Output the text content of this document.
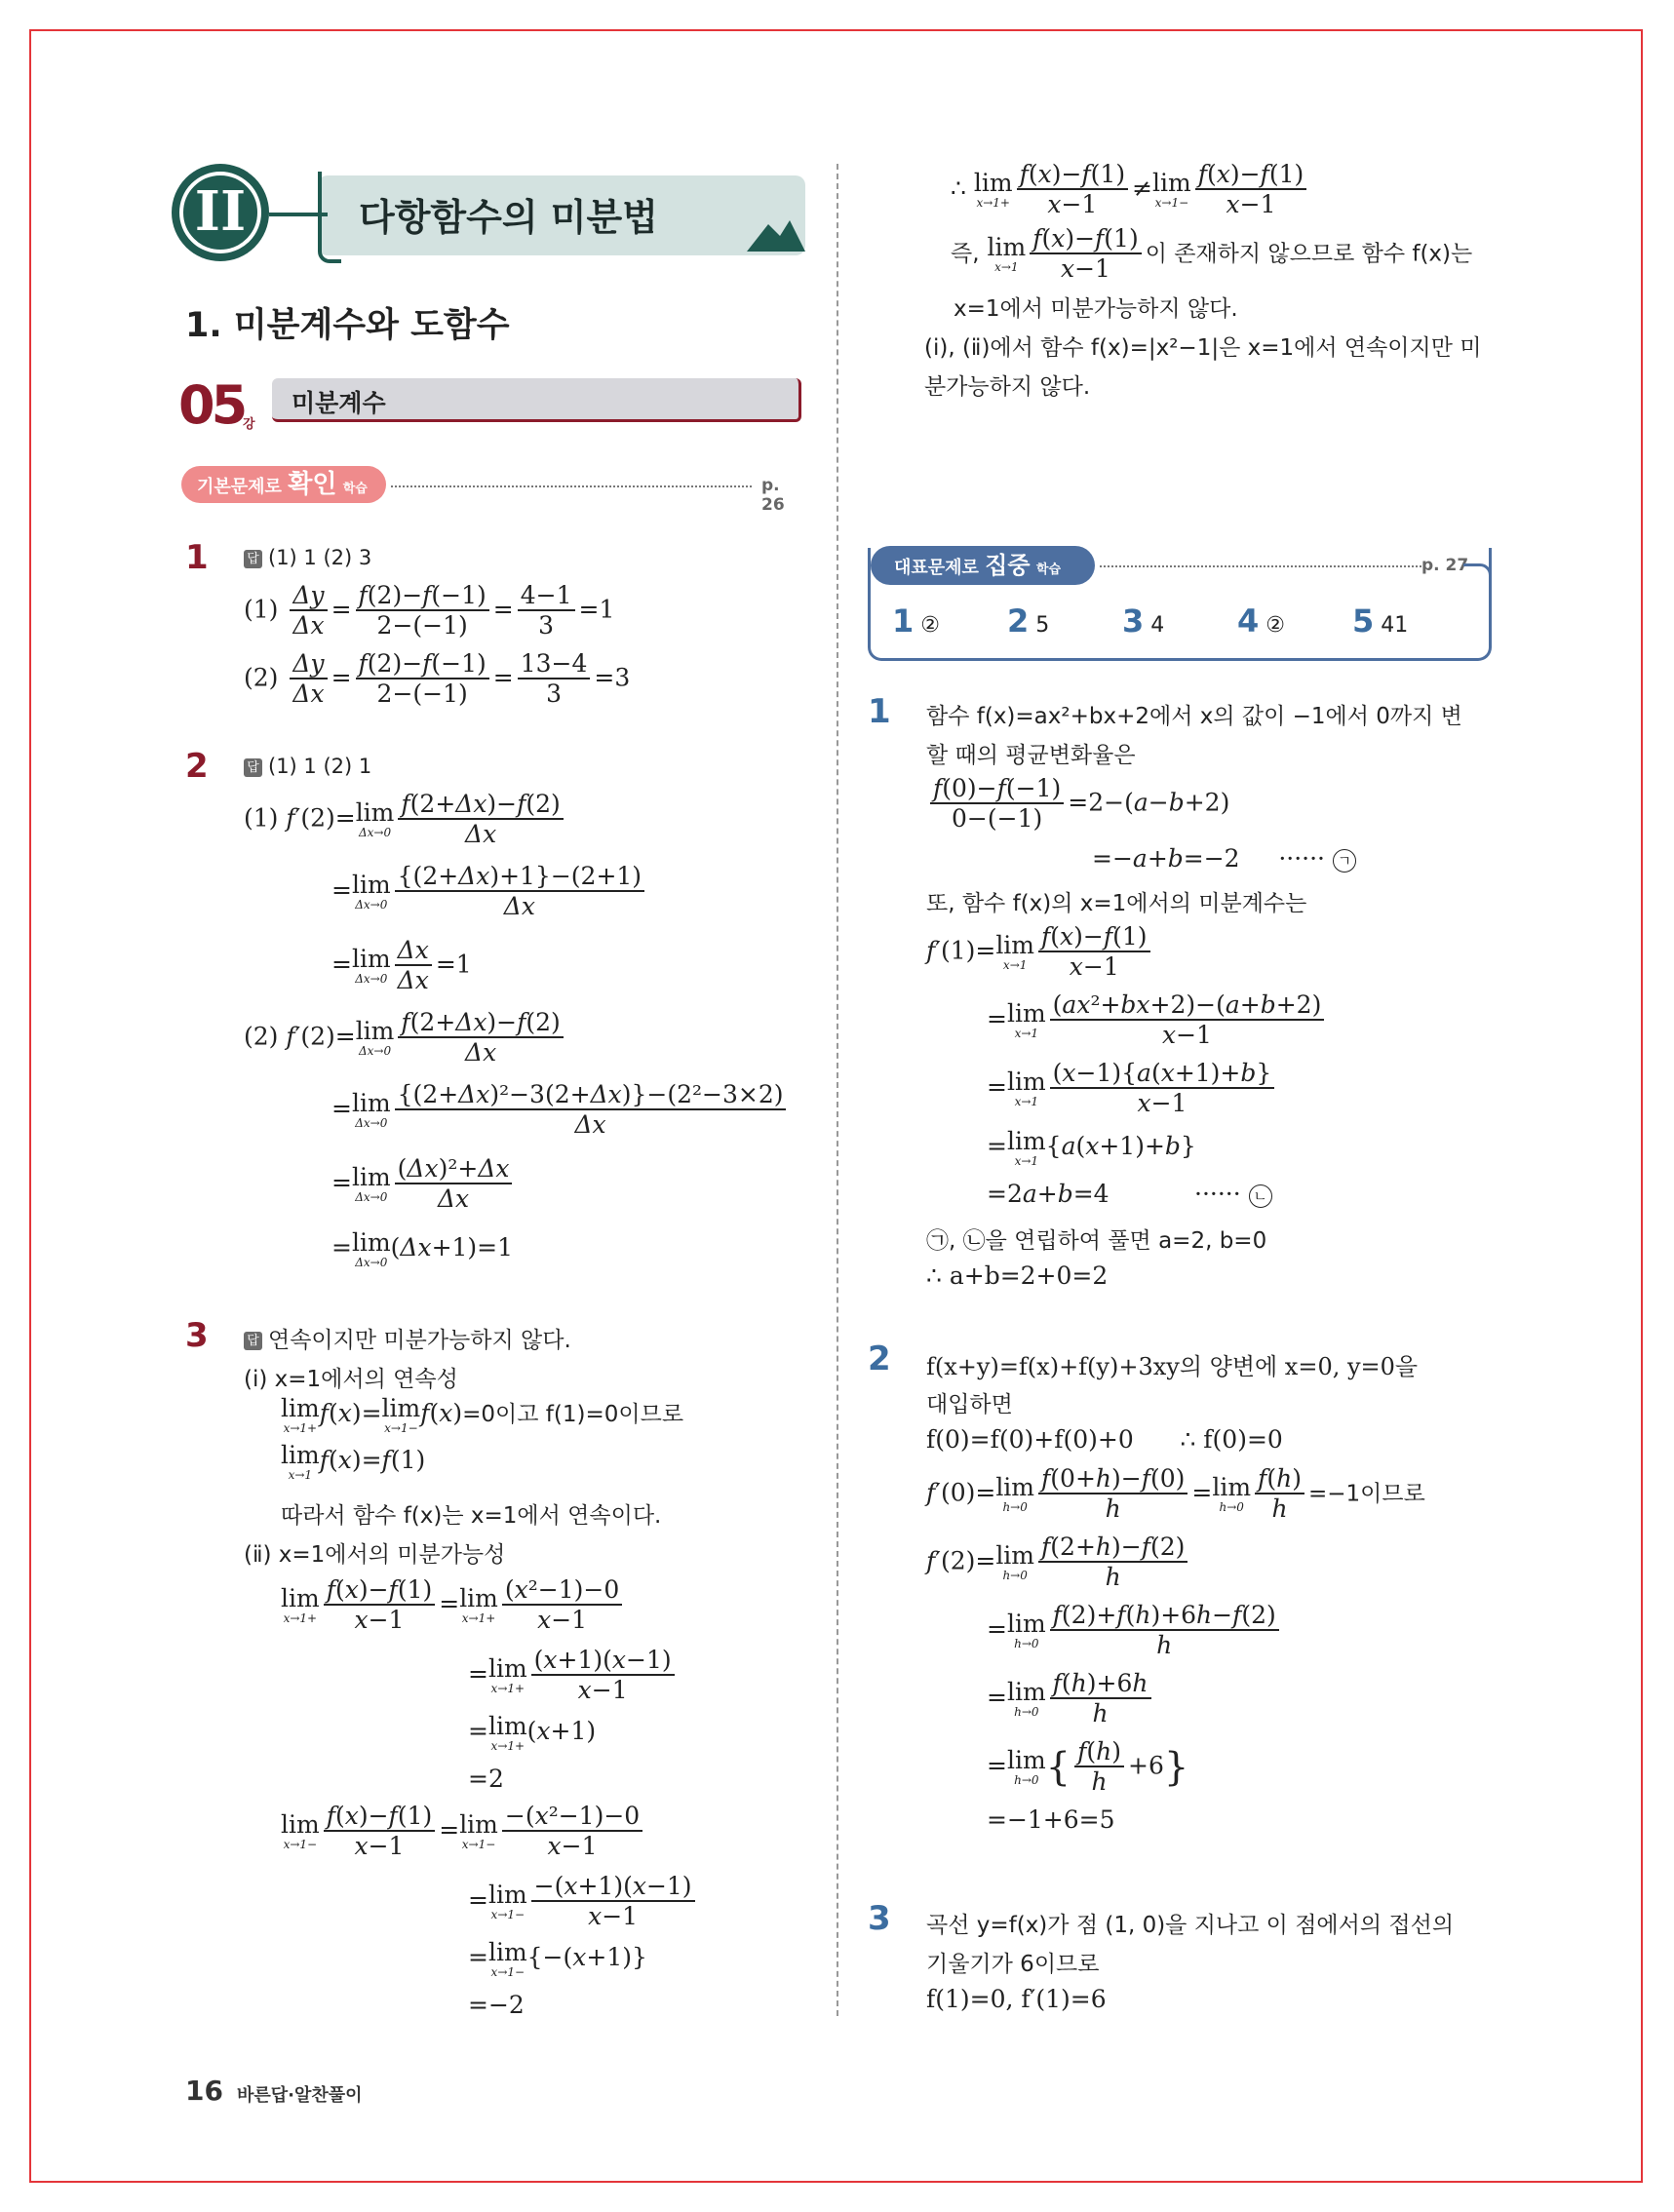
II	다항함수의 미분법
1. 미분계수와 도함수
05
강
미분계수
기본문제로 확인 학습	p. 26
1	답 (1) 1 (2) 3
$(1) \frac{\Delta y}{\Delta x} = \frac{f(2)-f(-1)}{2-(-1)} = \frac{4-1}{3} =1$
$(2) \frac{\Delta y}{\Delta x} = \frac{f(2)-f(-1)}{2-(-1)} = \frac{13-4}{3} =3$
2	답 (1) 1 (2) 1
(1) f′(2)=lim
$\Delta x\to 0 \frac{f(2+\Delta x)-f(2)}{\Delta x}$
=lim
$\Delta x\to 0 \frac{\{(2+\Delta x)+1\}-(2+1)}{\Delta x}$
=lim
$\Delta x\to 0 \frac{\Delta x}{\Delta x} =1$
(2) f′(2)=lim
$\Delta x\to 0 \frac{f(2+\Delta x)-f(2)}{\Delta x}$
=lim
$\Delta x\to 0 \frac{\text{\{(2+Δx)²−3(2+Δx)\}−(2²−3×2)}}{\Delta x}$
=lim
$\Delta x\to 0 \frac{\text{(Δx)²+Δx}}{\Delta x}$
=lim
Δx→0
(Δx+1)=1
3	답 연속이지만 미분가능하지 않다.
(ⅰ) x=1에서의 연속성
lim
x→1+
f(x)=lim
x→1−
f(x)=0이고 f(1)=0이므로
lim
x→1
f(x)=f(1)
따라서 함수 f(x)는 x=1에서 연속이다.
(ⅱ) x=1에서의 미분가능성
lim
$x\to 1+ \frac{f(x)-f(1)}{x-1} =\lim$
$x\to 1+ \frac{\text{(x²−1)−0}}{x-1}$
=lim
$x\to 1+ \frac{(x+1)(x-1)}{x-1}$
=lim
x→1+
(x+1)
=2
lim
$x\to 1- \frac{f(x)-f(1)}{x-1} =\lim$
$x\to 1- \frac{\text{−(x²−1)−0}}{x-1}$
=lim
$x\to 1- \frac{-(x+1)(x-1)}{x-1}$
=lim
x→1−
{−(x+1)}
=−2
∴ lim
$x\to 1+ \frac{f(x)-f(1)}{x-1} \ne\lim$
$x\to 1- \frac{f(x)-f(1)}{x-1}$
즉, lim
$x\to 1 \frac{f(x)-f(1)}{x-1}$ 이 존재하지 않으므로 함수 f(x)는
x=1에서 미분가능하지 않다.
(ⅰ), (ⅱ)에서 함수 f(x)=|x²−1|은 x=1에서 연속이지만 미
분가능하지 않다.
대표문제로 집중 학습	p. 27
1 ② 2 5 3 4 4 ② 5 41
1 함수 f(x)=ax²+bx+2에서 x의 값이 −1에서 0까지 변
할 때의 평균변화율은
$\frac{f(0)-f(-1)}{0-(-1)} =2-(a-b+2)$
=−a+b=−2     ······ ㄱ
또, 함수 f(x)의 x=1에서의 미분계수는
f′(1)=lim
$x\to 1 \frac{f(x)-f(1)}{x-1}$
=lim
$x\to 1 \frac{\text{(ax²+bx+2)−(a+b+2)}}{x-1}$
=lim
$x\to 1 \frac{(x-1)\{a(x+1)+b\}}{x-1}$
=lim
x→1
{a(x+1)+b}
=2a+b=4           ······ ㄴ
㉠, ㉡을 연립하여 풀면 a=2, b=0
∴ a+b=2+0=2
2 f(x+y)=f(x)+f(y)+3xy의 양변에 x=0, y=0을
대입하면
f(0)=f(0)+f(0)+0 ∴ f(0)=0
f′(0)=lim
$h\to 0 \frac{f(0+h)-f(0)}{h} =\lim$
$h\to 0 \frac{f(h)}{h} =-1$이므로
f′(2)=lim
$h\to 0 \frac{f(2+h)-f(2)}{h}$
=lim
$h\to 0 \frac{f(2)+f(h)+6h-f(2)}{h}$
=lim
$h\to 0 \frac{f(h)+6h}{h}$
=lim
h→0 { $\frac{f(h)}{h} +6$}
=−1+6=5
3 곡선 y=f(x)가 점 (1, 0)을 지나고 이 점에서의 접선의
기울기가 6이므로
f(1)=0, f′(1)=6
16 바른답·알찬풀이
